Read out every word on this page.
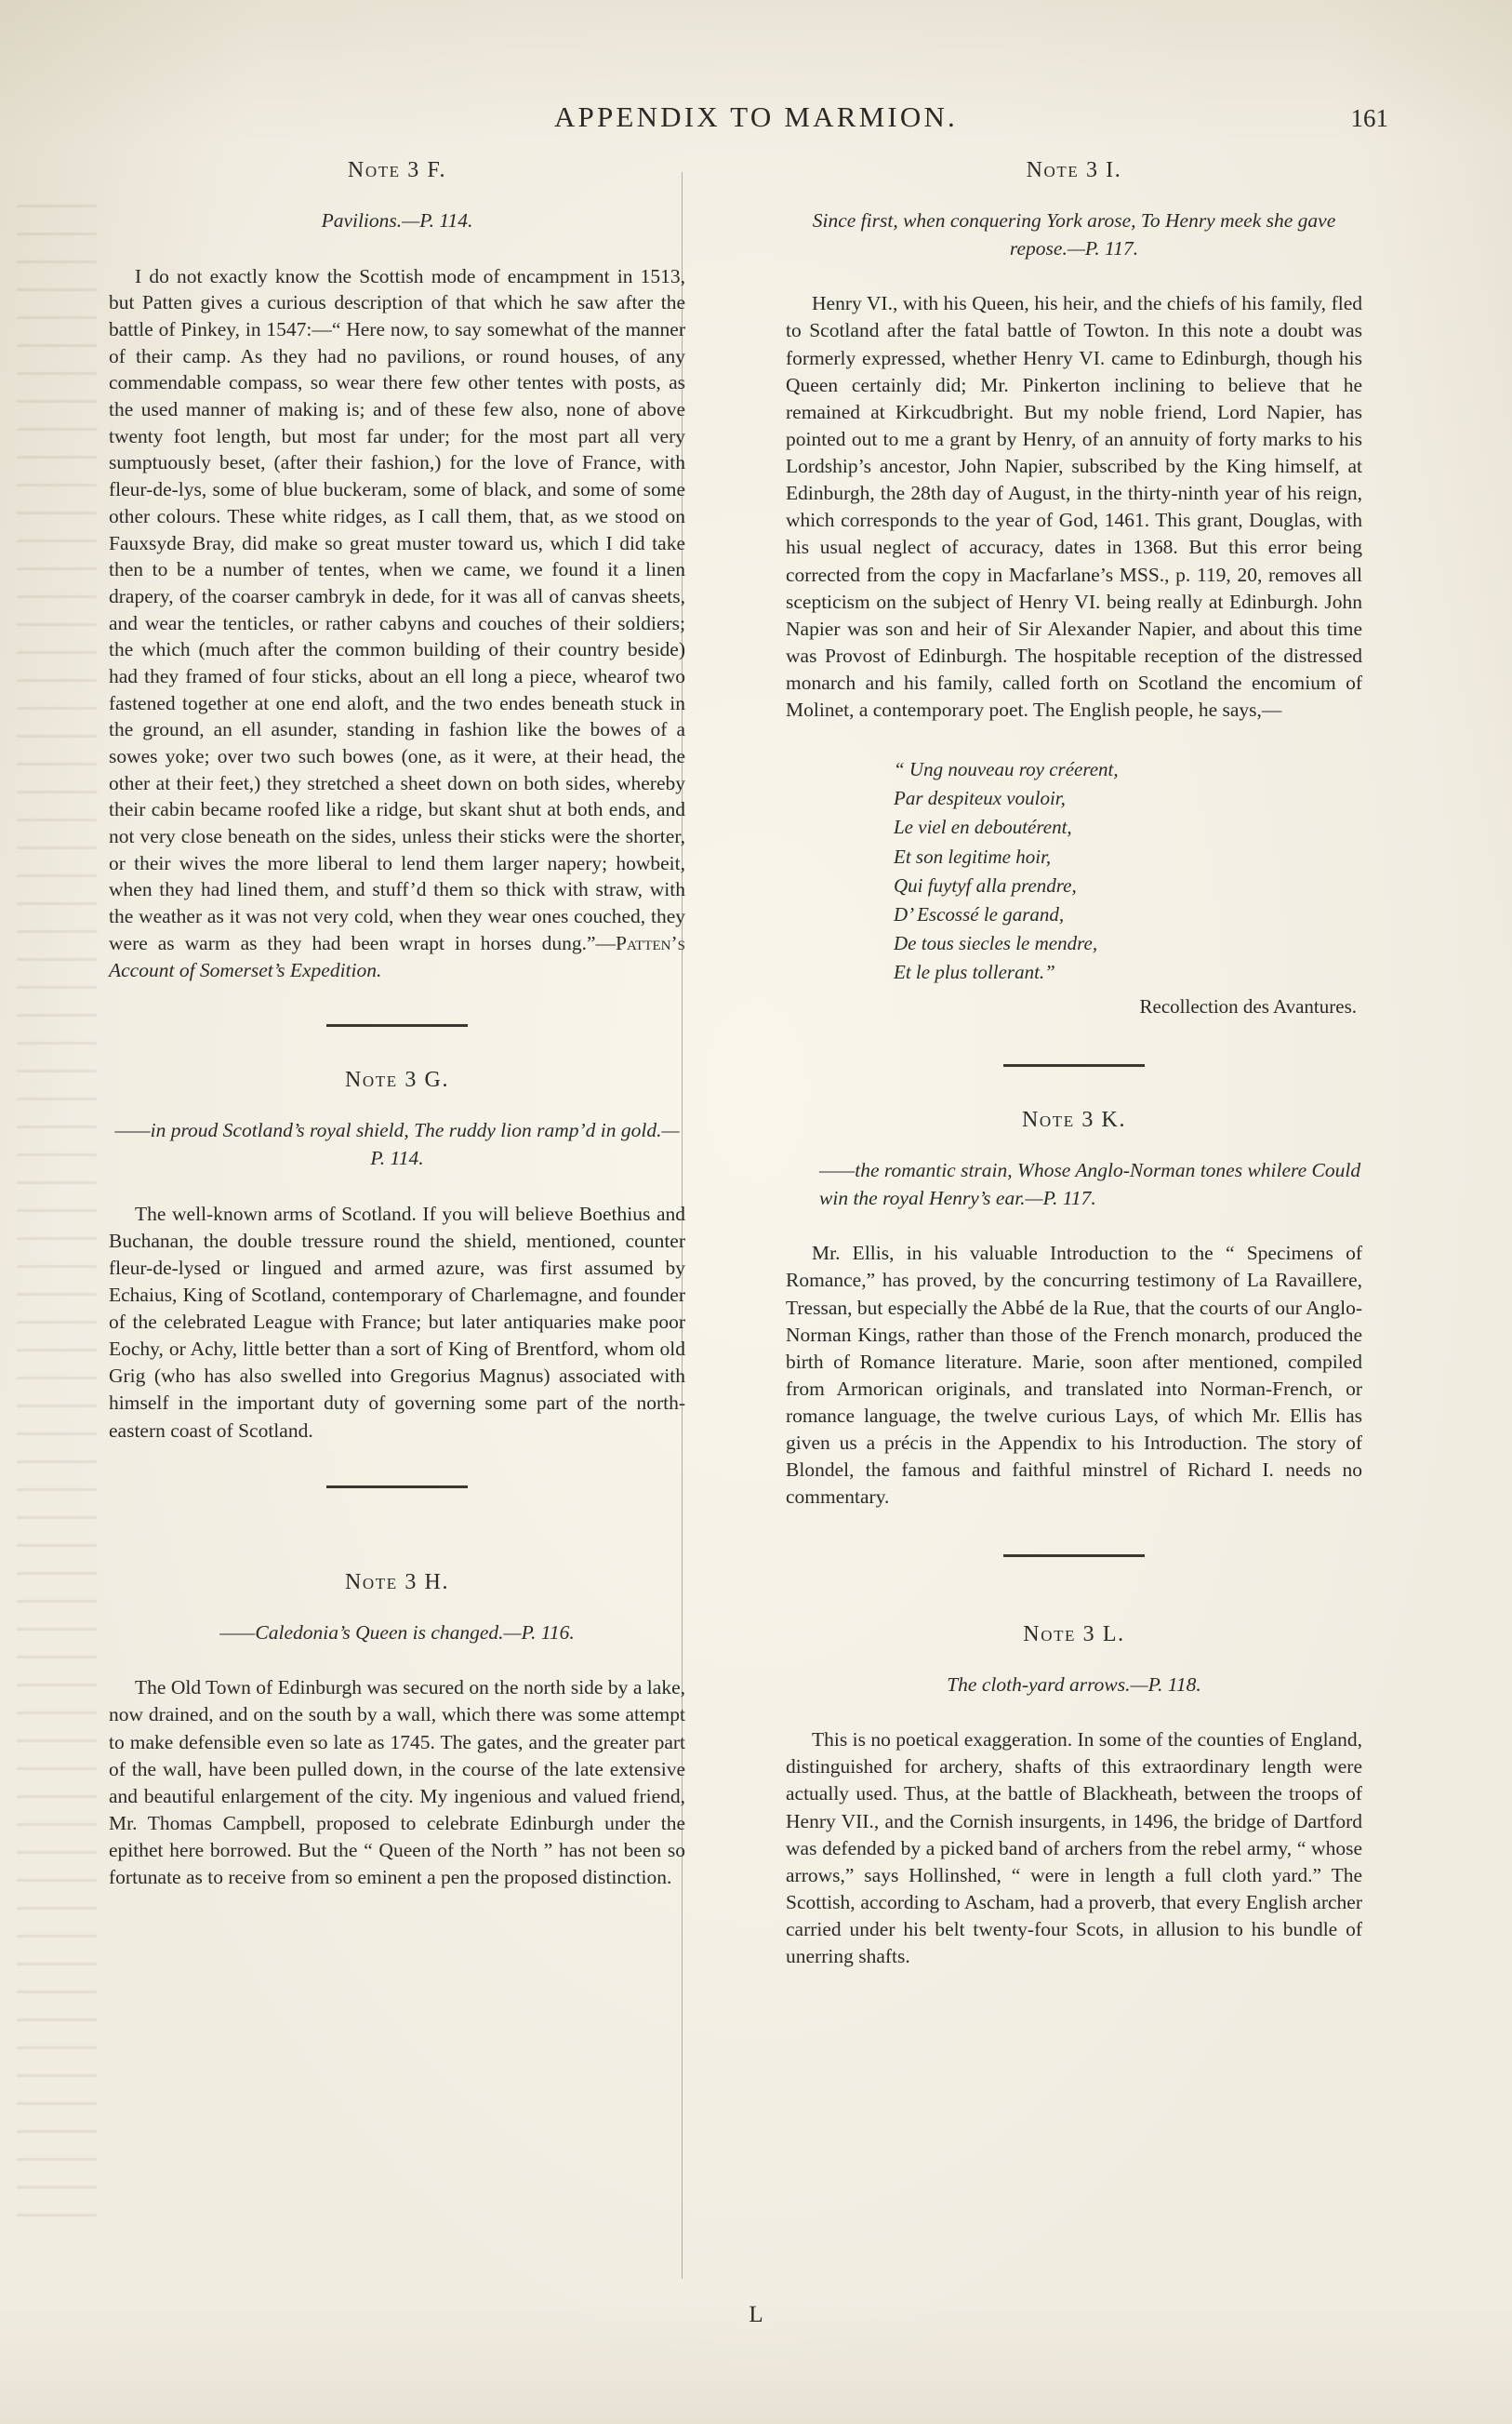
APPENDIX TO MARMION.	161
Note 3 F.
Pavilions.—P. 114.

I do not exactly know the Scottish mode of encampment in 1513, but Patten gives a curious description of that which he saw after the battle of Pinkey, in 1547:—“ Here now, to say somewhat of the manner of their camp. As they had no pavilions, or round houses, of any commendable compass, so wear there few other tentes with posts, as the used manner of making is; and of these few also, none of above twenty foot length, but most far under; for the most part all very sumptuously beset, (after their fashion,) for the love of France, with fleur-de-lys, some of blue buckeram, some of black, and some of some other colours. These white ridges, as I call them, that, as we stood on Fauxsyde Bray, did make so great muster toward us, which I did take then to be a number of tentes, when we came, we found it a linen drapery, of the coarser cambryk in dede, for it was all of canvas sheets, and wear the tenticles, or rather cabyns and couches of their soldiers; the which (much after the common building of their country beside) had they framed of four sticks, about an ell long a piece, whearof two fastened together at one end aloft, and the two endes beneath stuck in the ground, an ell asunder, standing in fashion like the bowes of a sowes yoke; over two such bowes (one, as it were, at their head, the other at their feet,) they stretched a sheet down on both sides, whereby their cabin became roofed like a ridge, but skant shut at both ends, and not very close beneath on the sides, unless their sticks were the shorter, or their wives the more liberal to lend them larger napery; howbeit, when they had lined them, and stuff’d them so thick with straw, with the weather as it was not very cold, when they wear ones couched, they were as warm as they had been wrapt in horses dung.”—Patten’s Account of Somerset’s Expedition.

Note 3 G.
——in proud Scotland’s royal shield, The ruddy lion ramp’d in gold.—P. 114.

The well-known arms of Scotland. If you will believe Boethius and Buchanan, the double tressure round the shield, mentioned, counter fleur-de-lysed or lingued and armed azure, was first assumed by Echaius, King of Scotland, contemporary of Charlemagne, and founder of the celebrated League with France; but later antiquaries make poor Eochy, or Achy, little better than a sort of King of Brentford, whom old Grig (who has also swelled into Gregorius Magnus) associated with himself in the important duty of governing some part of the north-eastern coast of Scotland.

Note 3 H.
——Caledonia’s Queen is changed.—P. 116.

The Old Town of Edinburgh was secured on the north side by a lake, now drained, and on the south by a wall, which there was some attempt to make defensible even so late as 1745. The gates, and the greater part of the wall, have been pulled down, in the course of the late extensive and beautiful enlargement of the city. My ingenious and valued friend, Mr. Thomas Campbell, proposed to celebrate Edinburgh under the epithet here borrowed. But the “ Queen of the North ” has not been so fortunate as to receive from so eminent a pen the proposed distinction.

Note 3 I.
Since first, when conquering York arose, To Henry meek she gave repose.—P. 117.

Henry VI., with his Queen, his heir, and the chiefs of his family, fled to Scotland after the fatal battle of Towton. In this note a doubt was formerly expressed, whether Henry VI. came to Edinburgh, though his Queen certainly did; Mr. Pinkerton inclining to believe that he remained at Kirkcudbright. But my noble friend, Lord Napier, has pointed out to me a grant by Henry, of an annuity of forty marks to his Lordship’s ancestor, John Napier, subscribed by the King himself, at Edinburgh, the 28th day of August, in the thirty-ninth year of his reign, which corresponds to the year of God, 1461. This grant, Douglas, with his usual neglect of accuracy, dates in 1368. But this error being corrected from the copy in Macfarlane’s MSS., p. 119, 20, removes all scepticism on the subject of Henry VI. being really at Edinburgh. John Napier was son and heir of Sir Alexander Napier, and about this time was Provost of Edinburgh. The hospitable reception of the distressed monarch and his family, called forth on Scotland the encomium of Molinet, a contemporary poet. The English people, he says,—

“ Ung nouveau roy créerent,
Par despiteux vouloir,
Le viel en deboutérent,
Et son legitime hoir,
Qui fuytyf alla prendre,
D’ Escossé le garand,
De tous siecles le mendre,
Et le plus tollerant.”
Recollection des Avantures.
Note 3 K.
——the romantic strain, Whose Anglo-Norman tones whilere Could win the royal Henry’s ear.—P. 117.

Mr. Ellis, in his valuable Introduction to the “ Specimens of Romance,” has proved, by the concurring testimony of La Ravaillere, Tressan, but especially the Abbé de la Rue, that the courts of our Anglo-Norman Kings, rather than those of the French monarch, produced the birth of Romance literature. Marie, soon after mentioned, compiled from Armorican originals, and translated into Norman-French, or romance language, the twelve curious Lays, of which Mr. Ellis has given us a précis in the Appendix to his Introduction. The story of Blondel, the famous and faithful minstrel of Richard I. needs no commentary.

Note 3 L.
The cloth-yard arrows.—P. 118.

This is no poetical exaggeration. In some of the counties of England, distinguished for archery, shafts of this extraordinary length were actually used. Thus, at the battle of Blackheath, between the troops of Henry VII., and the Cornish insurgents, in 1496, the bridge of Dartford was defended by a picked band of archers from the rebel army, “ whose arrows,” says Hollinshed, “ were in length a full cloth yard.” The Scottish, according to Ascham, had a proverb, that every English archer carried under his belt twenty-four Scots, in allusion to his bundle of unerring shafts.

L
